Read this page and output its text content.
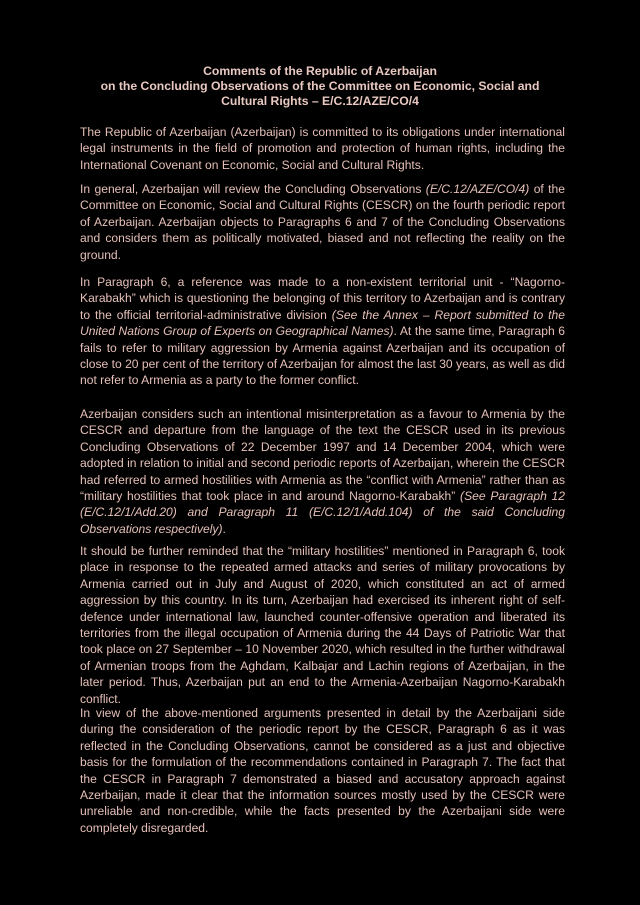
Comments of the Republic of Azerbaijan
on the Concluding Observations of the Committee on Economic, Social and
Cultural Rights – E/C.12/AZE/CO/4

The Republic of Azerbaijan (Azerbaijan) is committed to its obligations under international legal instruments in the field of promotion and protection of human rights, including the International Covenant on Economic, Social and Cultural Rights.

In general, Azerbaijan will review the Concluding Observations (E/C.12/AZE/CO/4) of the Committee on Economic, Social and Cultural Rights (CESCR) on the fourth periodic report of Azerbaijan. Azerbaijan objects to Paragraphs 6 and 7 of the Concluding Observations and considers them as politically motivated, biased and not reflecting the reality on the ground.

In Paragraph 6, a reference was made to a non-existent territorial unit - “Nagorno-Karabakh” which is questioning the belonging of this territory to Azerbaijan and is contrary to the official territorial-administrative division (See the Annex – Report submitted to the United Nations Group of Experts on Geographical Names). At the same time, Paragraph 6 fails to refer to military aggression by Armenia against Azerbaijan and its occupation of close to 20 per cent of the territory of Azerbaijan for almost the last 30 years, as well as did not refer to Armenia as a party to the former conflict.

Azerbaijan considers such an intentional misinterpretation as a favour to Armenia by the CESCR and departure from the language of the text the CESCR used in its previous Concluding Observations of 22 December 1997 and 14 December 2004, which were adopted in relation to initial and second periodic reports of Azerbaijan, wherein the CESCR had referred to armed hostilities with Armenia as the “conflict with Armenia” rather than as “military hostilities that took place in and around Nagorno-Karabakh” (See Paragraph 12 (E/C.12/1/Add.20) and Paragraph 11 (E/C.12/1/Add.104) of the said Concluding Observations respectively).

It should be further reminded that the “military hostilities” mentioned in Paragraph 6, took place in response to the repeated armed attacks and series of military provocations by Armenia carried out in July and August of 2020, which constituted an act of armed aggression by this country. In its turn, Azerbaijan had exercised its inherent right of self-defence under international law, launched counter-offensive operation and liberated its territories from the illegal occupation of Armenia during the 44 Days of Patriotic War that took place on 27 September – 10 November 2020, which resulted in the further withdrawal of Armenian troops from the Aghdam, Kalbajar and Lachin regions of Azerbaijan, in the later period. Thus, Azerbaijan put an end to the Armenia-Azerbaijan Nagorno-Karabakh conflict.

In view of the above-mentioned arguments presented in detail by the Azerbaijani side during the consideration of the periodic report by the CESCR, Paragraph 6 as it was reflected in the Concluding Observations, cannot be considered as a just and objective basis for the formulation of the recommendations contained in Paragraph 7. The fact that the CESCR in Paragraph 7 demonstrated a biased and accusatory approach against Azerbaijan, made it clear that the information sources mostly used by the CESCR were unreliable and non-credible, while the facts presented by the Azerbaijani side were completely disregarded.
